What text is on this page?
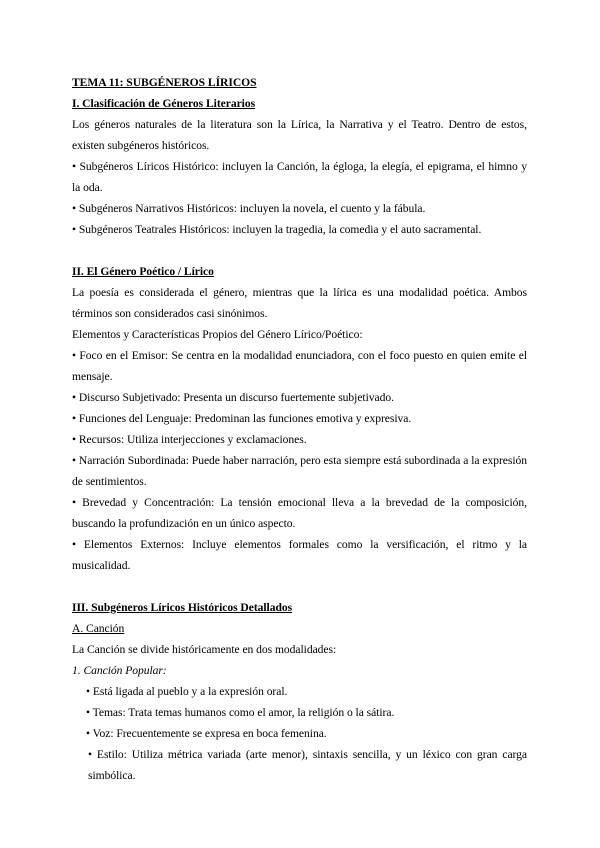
TEMA 11: SUBGÉNEROS LÍRICOS

I. Clasificación de Géneros Literarios

Los géneros naturales de la literatura son la Lírica, la Narrativa y el Teatro. Dentro de estos, existen subgéneros históricos.

• Subgéneros Líricos Histórico: incluyen la Canción, la égloga, la elegía, el epigrama, el himno y la oda.

• Subgéneros Narrativos Históricos: incluyen la novela, el cuento y la fábula.

• Subgéneros Teatrales Históricos: incluyen la tragedia, la comedia y el auto sacramental.

II. El Género Poético / Lírico

La poesía es considerada el género, mientras que la lírica es una modalidad poética. Ambos términos son considerados casi sinónimos.

Elementos y Características Propios del Género Lírico/Poético:

• Foco en el Emisor: Se centra en la modalidad enunciadora, con el foco puesto en quien emite el mensaje.

• Discurso Subjetivado: Presenta un discurso fuertemente subjetivado.

• Funciones del Lenguaje: Predominan las funciones emotiva y expresiva.

• Recursos: Utiliza interjecciones y exclamaciones.

• Narración Subordinada: Puede haber narración, pero esta siempre está subordinada a la expresión de sentimientos.

• Brevedad y Concentración: La tensión emocional lleva a la brevedad de la composición, buscando la profundización en un único aspecto.

• Elementos Externos: Incluye elementos formales como la versificación, el ritmo y la musicalidad.

III. Subgéneros Líricos Históricos Detallados

A. Canción

La Canción se divide históricamente en dos modalidades:

1. Canción Popular:

• Está ligada al pueblo y a la expresión oral.

• Temas: Trata temas humanos como el amor, la religión o la sátira.

• Voz: Frecuentemente se expresa en boca femenina.

• Estilo: Utiliza métrica variada (arte menor), sintaxis sencilla, y un léxico con gran carga simbólica.
